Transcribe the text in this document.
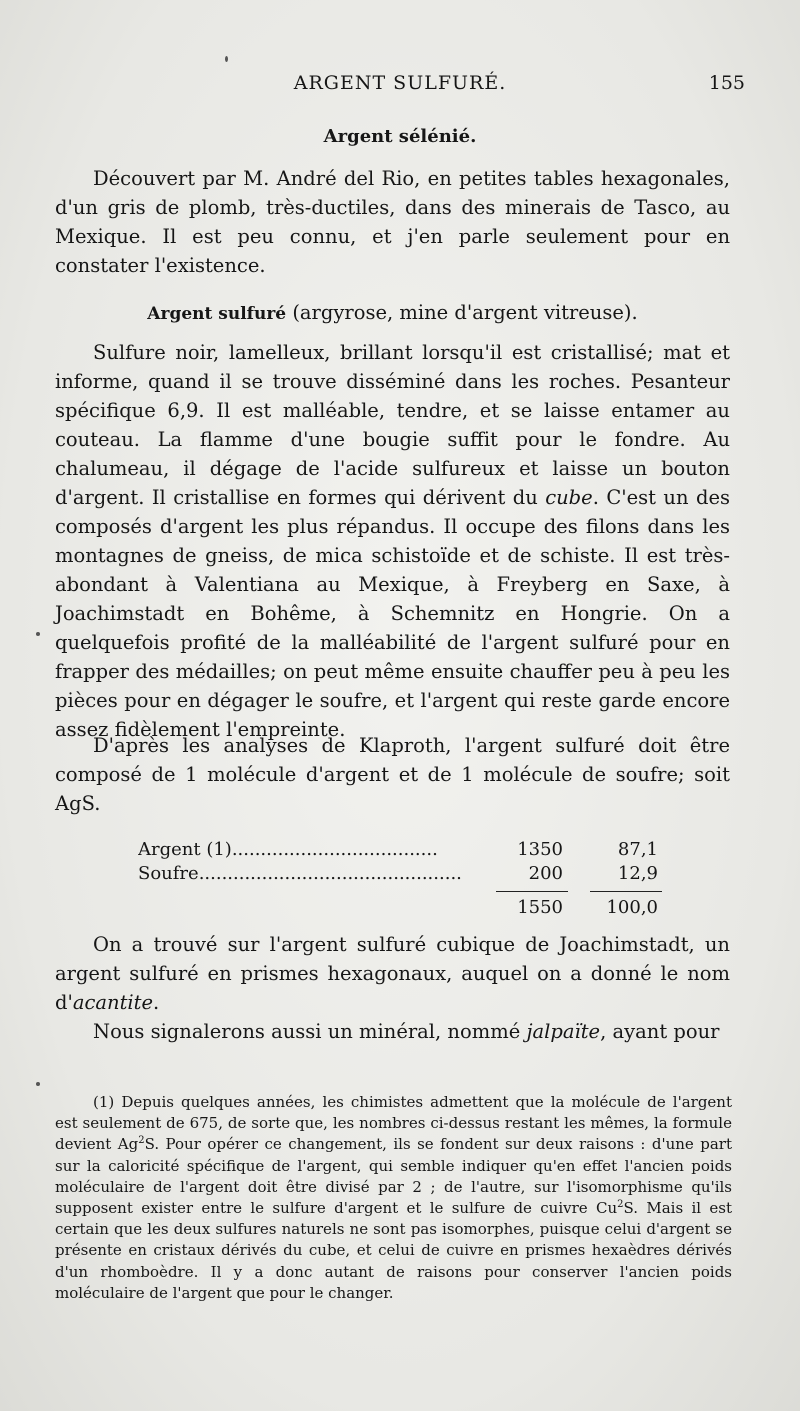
ARGENT SULFURÉ.	155
Argent sélénié.

Découvert par M. André del Rio, en petites tables hexagonales, d'un gris de plomb, très-ductiles, dans des minerais de Tasco, au Mexique. Il est peu connu, et j'en parle seulement pour en constater l'existence.

Argent sulfuré (argyrose, mine d'argent vitreuse).

Sulfure noir, lamelleux, brillant lorsqu'il est cristallisé; mat et informe, quand il se trouve disséminé dans les roches. Pesanteur spécifique 6,9. Il est malléable, tendre, et se laisse entamer au couteau. La flamme d'une bougie suffit pour le fondre. Au chalumeau, il dégage de l'acide sulfureux et laisse un bouton d'argent. Il cristallise en formes qui dérivent du cube. C'est un des composés d'argent les plus répandus. Il occupe des filons dans les montagnes de gneiss, de mica schistoïde et de schiste. Il est très-abondant à Valentiana au Mexique, à Freyberg en Saxe, à Joachimstadt en Bohême, à Schemnitz en Hongrie. On a quelquefois profité de la malléabilité de l'argent sulfuré pour en frapper des médailles; on peut même ensuite chauffer peu à peu les pièces pour en dégager le soufre, et l'argent qui reste garde encore assez fidèlement l'empreinte.

D'après les analyses de Klaproth, l'argent sulfuré doit être composé de 1 molécule d'argent et de 1 molécule de soufre; soit AgS.

Argent (1)....................................	1350	87,1
Soufre..............................................	200	12,9
1550	100,0

On a trouvé sur l'argent sulfuré cubique de Joachimstadt, un argent sulfuré en prismes hexagonaux, auquel on a donné le nom d'acantite.

Nous signalerons aussi un minéral, nommé jalpaïte, ayant pour

(1) Depuis quelques années, les chimistes admettent que la molécule de l'argent est seulement de 675, de sorte que, les nombres ci-dessus restant les mêmes, la formule devient Ag$^2$S. Pour opérer ce changement, ils se fondent sur deux raisons : d'une part sur la caloricité spécifique de l'argent, qui semble indiquer qu'en effet l'ancien poids moléculaire de l'argent doit être divisé par 2 ; de l'autre, sur l'isomorphisme qu'ils supposent exister entre le sulfure d'argent et le sulfure de cuivre Cu$^2$S. Mais il est certain que les deux sulfures naturels ne sont pas isomorphes, puisque celui d'argent se présente en cristaux dérivés du cube, et celui de cuivre en prismes hexaèdres dérivés d'un rhomboèdre. Il y a donc autant de raisons pour conserver l'ancien poids moléculaire de l'argent que pour le changer.
